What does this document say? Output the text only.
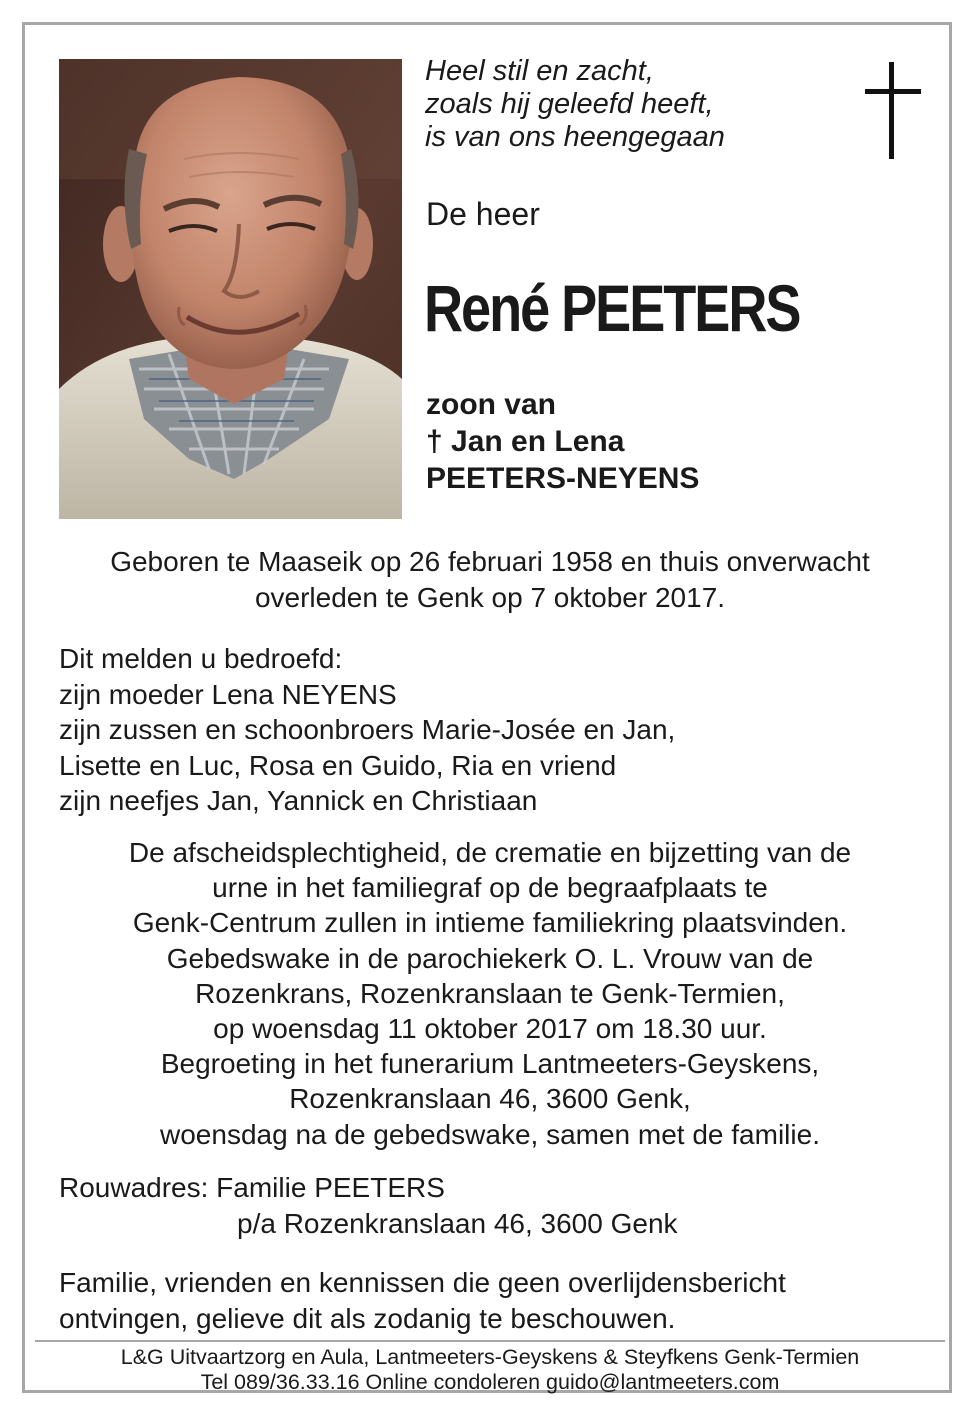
Heel stil en zacht,
zoals hij geleefd heeft,
is van ons heengegaan
De heer
René PEETERS
zoon van
† Jan en Lena
PEETERS-NEYENS
Geboren te Maaseik op 26 februari 1958 en thuis onverwacht
overleden te Genk op 7 oktober 2017.
Dit melden u bedroefd:
zijn moeder Lena NEYENS
zijn zussen en schoonbroers Marie-Josée en Jan,
Lisette en Luc, Rosa en Guido, Ria en vriend
zijn neefjes Jan, Yannick en Christiaan
De afscheidsplechtigheid, de crematie en bijzetting van de
urne in het familiegraf op de begraafplaats te
Genk-Centrum zullen in intieme familiekring plaatsvinden.
Gebedswake in de parochiekerk O. L. Vrouw van de
Rozenkrans, Rozenkranslaan te Genk-Termien,
op woensdag 11 oktober 2017 om 18.30 uur.
Begroeting in het funerarium Lantmeeters-Geyskens,
Rozenkranslaan 46, 3600 Genk,
woensdag na de gebedswake, samen met de familie.
Rouwadres: Familie PEETERS
p/a Rozenkranslaan 46, 3600 Genk
Familie, vrienden en kennissen die geen overlijdensbericht
ontvingen, gelieve dit als zodanig te beschouwen.
L&G Uitvaartzorg en Aula, Lantmeeters-Geyskens & Steyfkens Genk-Termien
Tel 089/36.33.16 Online condoleren guido@lantmeeters.com
